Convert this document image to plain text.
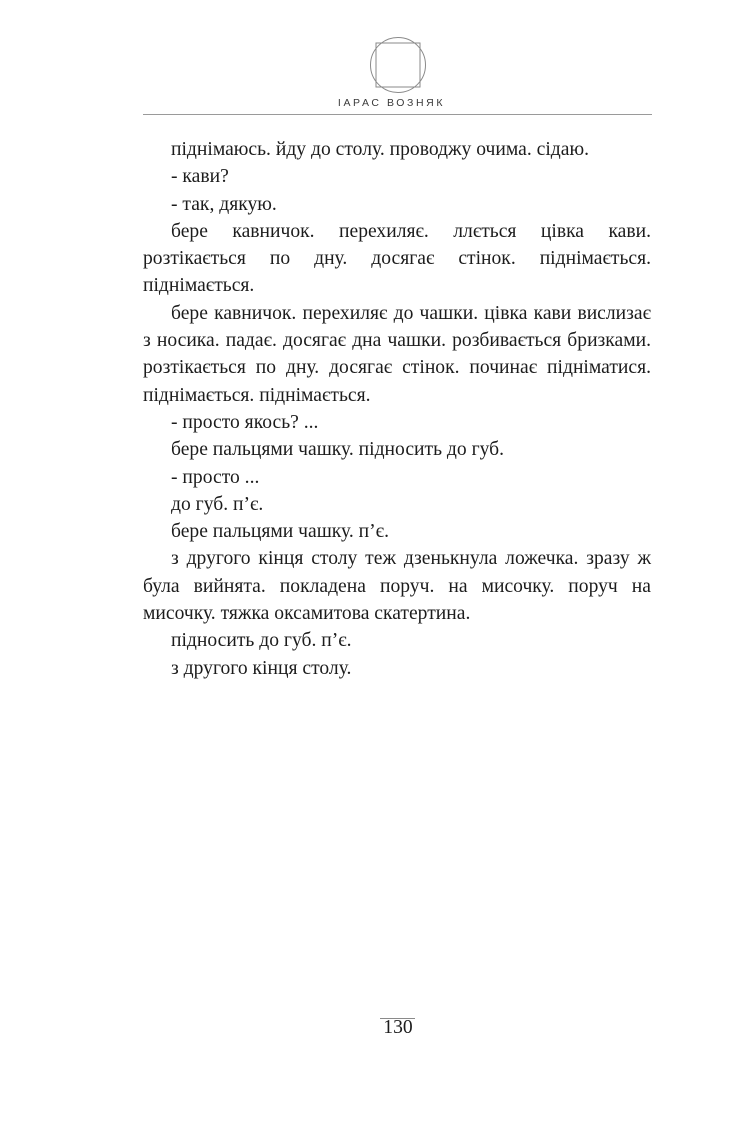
ІАРАС ВОЗНЯК

піднімаюсь. йду до столу. проводжу очима. сідаю.

- кави?

- так, дякую.

бере кавничок. перехиляє. ллється цівка кави. розтікається по дну. досягає стінок. піднімається. піднімається.

бере кавничок. перехиляє до чашки. цівка кави вислизає з носика. падає. досягає дна чашки. розбивається бризками. розтікається по дну. досягає стінок. починає підніматися. піднімається. піднімається.

- просто якось? ...

бере пальцями чашку. підносить до губ.

- просто ...

до губ. п’є.

бере пальцями чашку. п’є.

з другого кінця столу теж дзенькнула ложечка. зразу ж була вийнята. покладена поруч. на мисочку. поруч на мисочку. тяжка оксамитова скатертина.

підносить до губ. п’є.

з другого кінця столу.

130
